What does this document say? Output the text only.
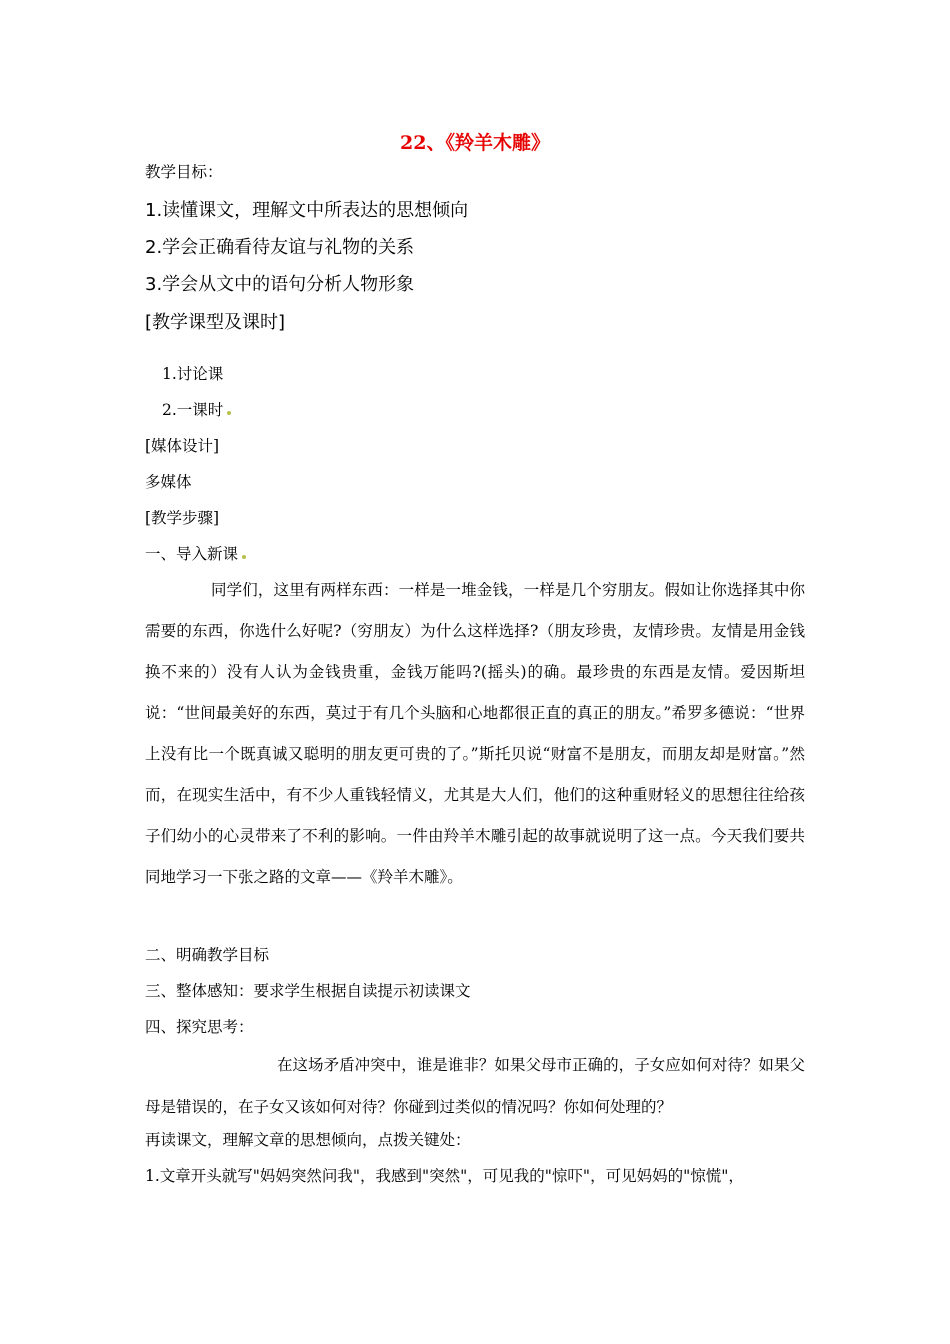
22、《羚羊木雕》
教学目标：
1.读懂课文，理解文中所表达的思想倾向
2.学会正确看待友谊与礼物的关系
3.学会从文中的语句分析人物形象
[教学课型及课时]
1.讨论课
2.一课时
[媒体设计]
多媒体
[教学步骤]
一、导入新课
同学们，这里有两样东西：一样是一堆金钱，一样是几个穷朋友。假如让你选择其中你需要的东西，你选什么好呢?（穷朋友）为什么这样选择?（朋友珍贵，友情珍贵。友情是用金钱换不来的）没有人认为金钱贵重，金钱万能吗?(摇头)的确。最珍贵的东西是友情。爱因斯坦说：“世间最美好的东西，莫过于有几个头脑和心地都很正直的真正的朋友。”希罗多德说：“世界上没有比一个既真诚又聪明的朋友更可贵的了。”斯托贝说“财富不是朋友，而朋友却是财富。”然而，在现实生活中，有不少人重钱轻情义，尤其是大人们，他们的这种重财轻义的思想往往给孩子们幼小的心灵带来了不利的影响。一件由羚羊木雕引起的故事就说明了这一点。今天我们要共同地学习一下张之路的文章——《羚羊木雕》。
二、明确教学目标
三、整体感知：要求学生根据自读提示初读课文
四、探究思考：
在这场矛盾冲突中，谁是谁非？如果父母市正确的，子女应如何对待？如果父母是错误的，在子女又该如何对待？你碰到过类似的情况吗？你如何处理的？
再读课文，理解文章的思想倾向，点拨关键处：
1.文章开头就写"妈妈突然问我"，我感到"突然"，可见我的"惊吓"，可见妈妈的"惊慌"，
